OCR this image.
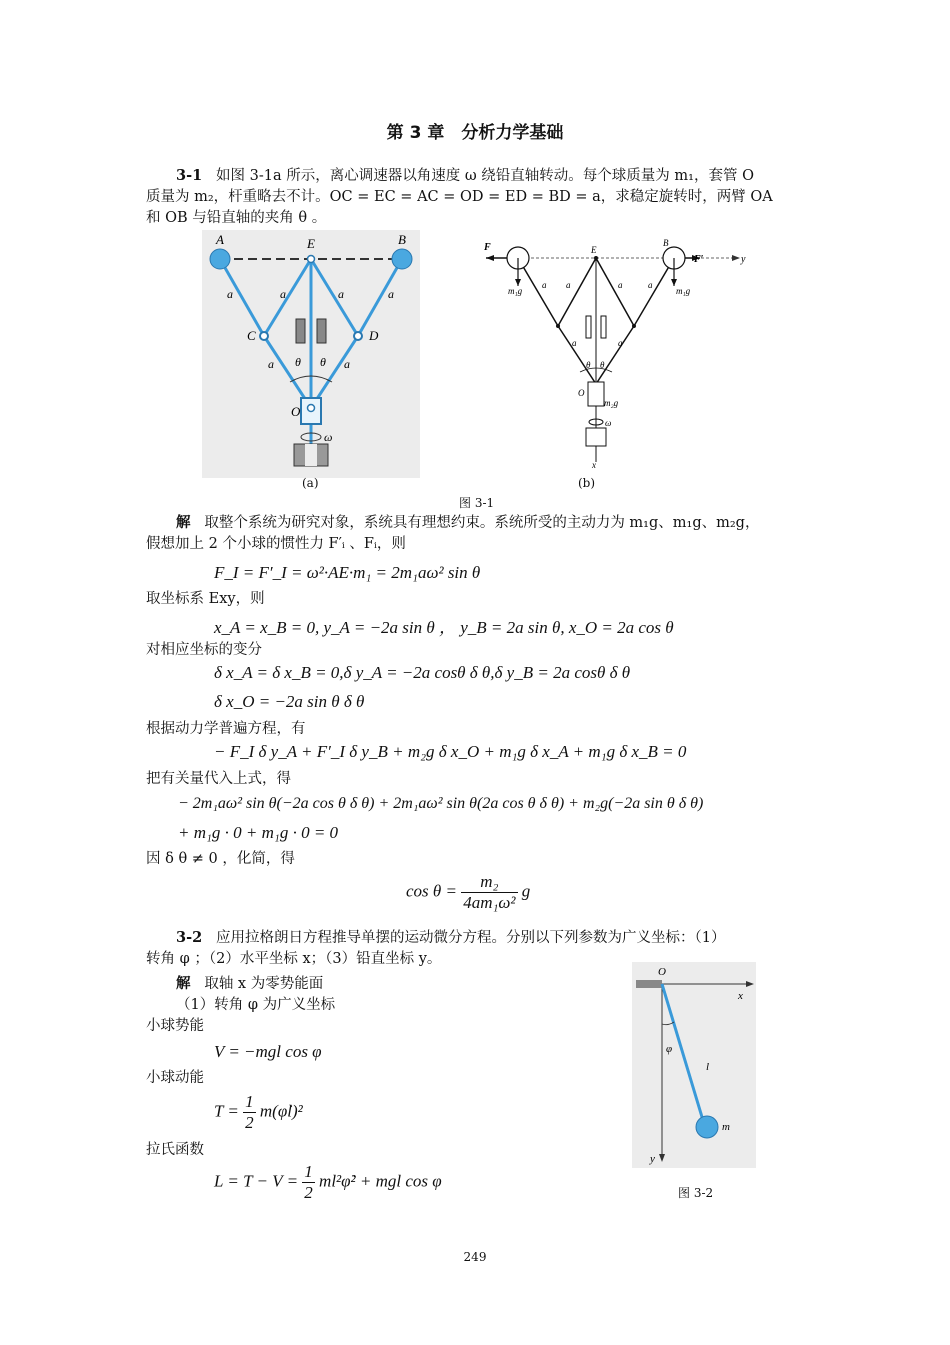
第 3 章　分析力学基础
3-1 如图 3-1a 所示，离心调速器以角速度 ω 绕铅直轴转动。每个球质量为 m₁，套管 O
质量为 m₂，杆重略去不计。OC = EC = AC = OD = ED = BD = a，求稳定旋转时，两臂 OA
和 OB 与铅直轴的夹角 θ 。
A	E	B
C	D
O
a	a	a	a
a	a
θ θ
ω
(a)
F	E
B
F′	y
m₁g	m₁g
a a	a	a
a	a
θ θ
O
m₂g
ω
x
(b)
图 3-1
解 取整个系统为研究对象，系统具有理想约束。系统所受的主动力为 m₁g、m₁g、m₂g，
假想加上 2 个小球的惯性力 F′ᵢ 、Fᵢ，则
F_I = F′_I = ω²·AE·m₁ = 2m₁aω² sin θ
取坐标系 Exy，则
x_A = x_B = 0, y_A = −2a sin θ ， y_B = 2a sin θ, x_O = 2a cos θ
对相应坐标的变分
δ x_A = δ x_B = 0,δ y_A = −2a cosθ δ θ,δ y_B = 2a cosθ δ θ
δ x_O = −2a sin θ δ θ
根据动力学普遍方程，有
− F_I δ y_A + F′_I δ y_B + m₂g δ x_O + m₁g δ x_A + m₁g δ x_B = 0
把有关量代入上式，得
− 2m₁aω² sin θ(−2a cos θ δ θ) + 2m₁aω² sin θ(2a cos θ δ θ) + m₂g(−2a sin θ δ θ)
+ m₁g · 0 + m₁g · 0 = 0
因 δ θ ≠ 0 ，化简，得
$\cos \theta = \frac{\text{m₂}}{\text{4am₁ω²}}$ g
3-2 应用拉格朗日方程推导单摆的运动微分方程。分别以下列参数为广义坐标：（1）
转角 φ ；（2）水平坐标 x；（3）铅直坐标 y。
解 取轴 x 为零势能面
（1）转角 φ 为广义坐标
小球势能
V = −mgl cos φ
小球动能
$T = \frac{1}{2}$ m(φ̇l)²
拉氏函数
$L = T - V = \frac{1}{2}$ ml²φ̇² + mgl cos φ
O
x
y
φ
l
m
图 3-2
249
